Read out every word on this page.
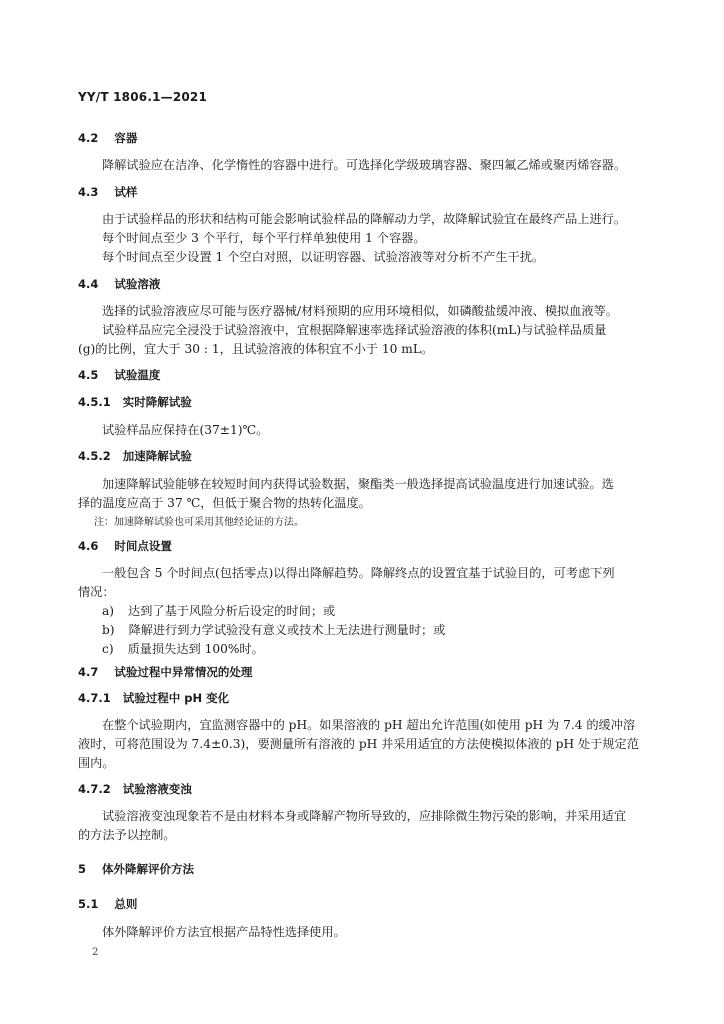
YY/T 1806.1—2021
4.2 容器
降解试验应在洁净、化学惰性的容器中进行。可选择化学级玻璃容器、聚四氟乙烯或聚丙烯容器。
4.3 试样
由于试验样品的形状和结构可能会影响试验样品的降解动力学，故降解试验宜在最终产品上进行。
每个时间点至少 3 个平行，每个平行样单独使用 1 个容器。
每个时间点至少设置 1 个空白对照，以证明容器、试验溶液等对分析不产生干扰。
4.4 试验溶液
选择的试验溶液应尽可能与医疗器械/材料预期的应用环境相似，如磷酸盐缓冲液、模拟血液等。
试验样品应完全浸没于试验溶液中，宜根据降解速率选择试验溶液的体积(mL)与试验样品质量
(g)的比例，宜大于 30 : 1，且试验溶液的体积宜不小于 10 mL。
4.5 试验温度
4.5.1 实时降解试验
试验样品应保持在(37±1)℃。
4.5.2 加速降解试验
加速降解试验能够在较短时间内获得试验数据，聚酯类一般选择提高试验温度进行加速试验。选
择的温度应高于 37 ℃，但低于聚合物的热转化温度。
注：加速降解试验也可采用其他经论证的方法。
4.6 时间点设置
一般包含 5 个时间点(包括零点)以得出降解趋势。降解终点的设置宜基于试验目的，可考虑下列
情况：
a) 达到了基于风险分析后设定的时间；或
b) 降解进行到力学试验没有意义或技术上无法进行测量时；或
c) 质量损失达到 100%时。
4.7 试验过程中异常情况的处理
4.7.1 试验过程中 pH 变化
在整个试验期内，宜监测容器中的 pH。如果溶液的 pH 超出允许范围(如使用 pH 为 7.4 的缓冲溶
液时，可将范围设为 7.4±0.3)，要测量所有溶液的 pH 并采用适宜的方法使模拟体液的 pH 处于规定范
围内。
4.7.2 试验溶液变浊
试验溶液变浊现象若不是由材料本身或降解产物所导致的，应排除微生物污染的影响，并采用适宜
的方法予以控制。
5 体外降解评价方法
5.1 总则
体外降解评价方法宜根据产品特性选择使用。
2
